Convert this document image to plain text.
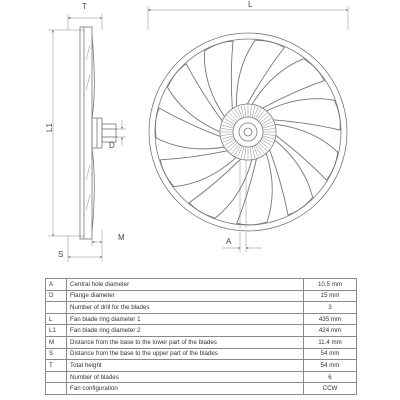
T
L1
D
M
S
L
A
A	Central hole diameter	10.5 mm
D	Flange diameter	15 mm
	Number of drill for the blades	3
L	Fan blade ring diameter 1	435 mm
L1	Fan blade ring diameter 2	424 mm
M	Distance from the base to the lower part of the blades	11.4 mm
S	Distance from the base to the upper part of the blades	54 mm
T	Total height	54 mm
	Number of blades	6
	Fan configuration	CCW
